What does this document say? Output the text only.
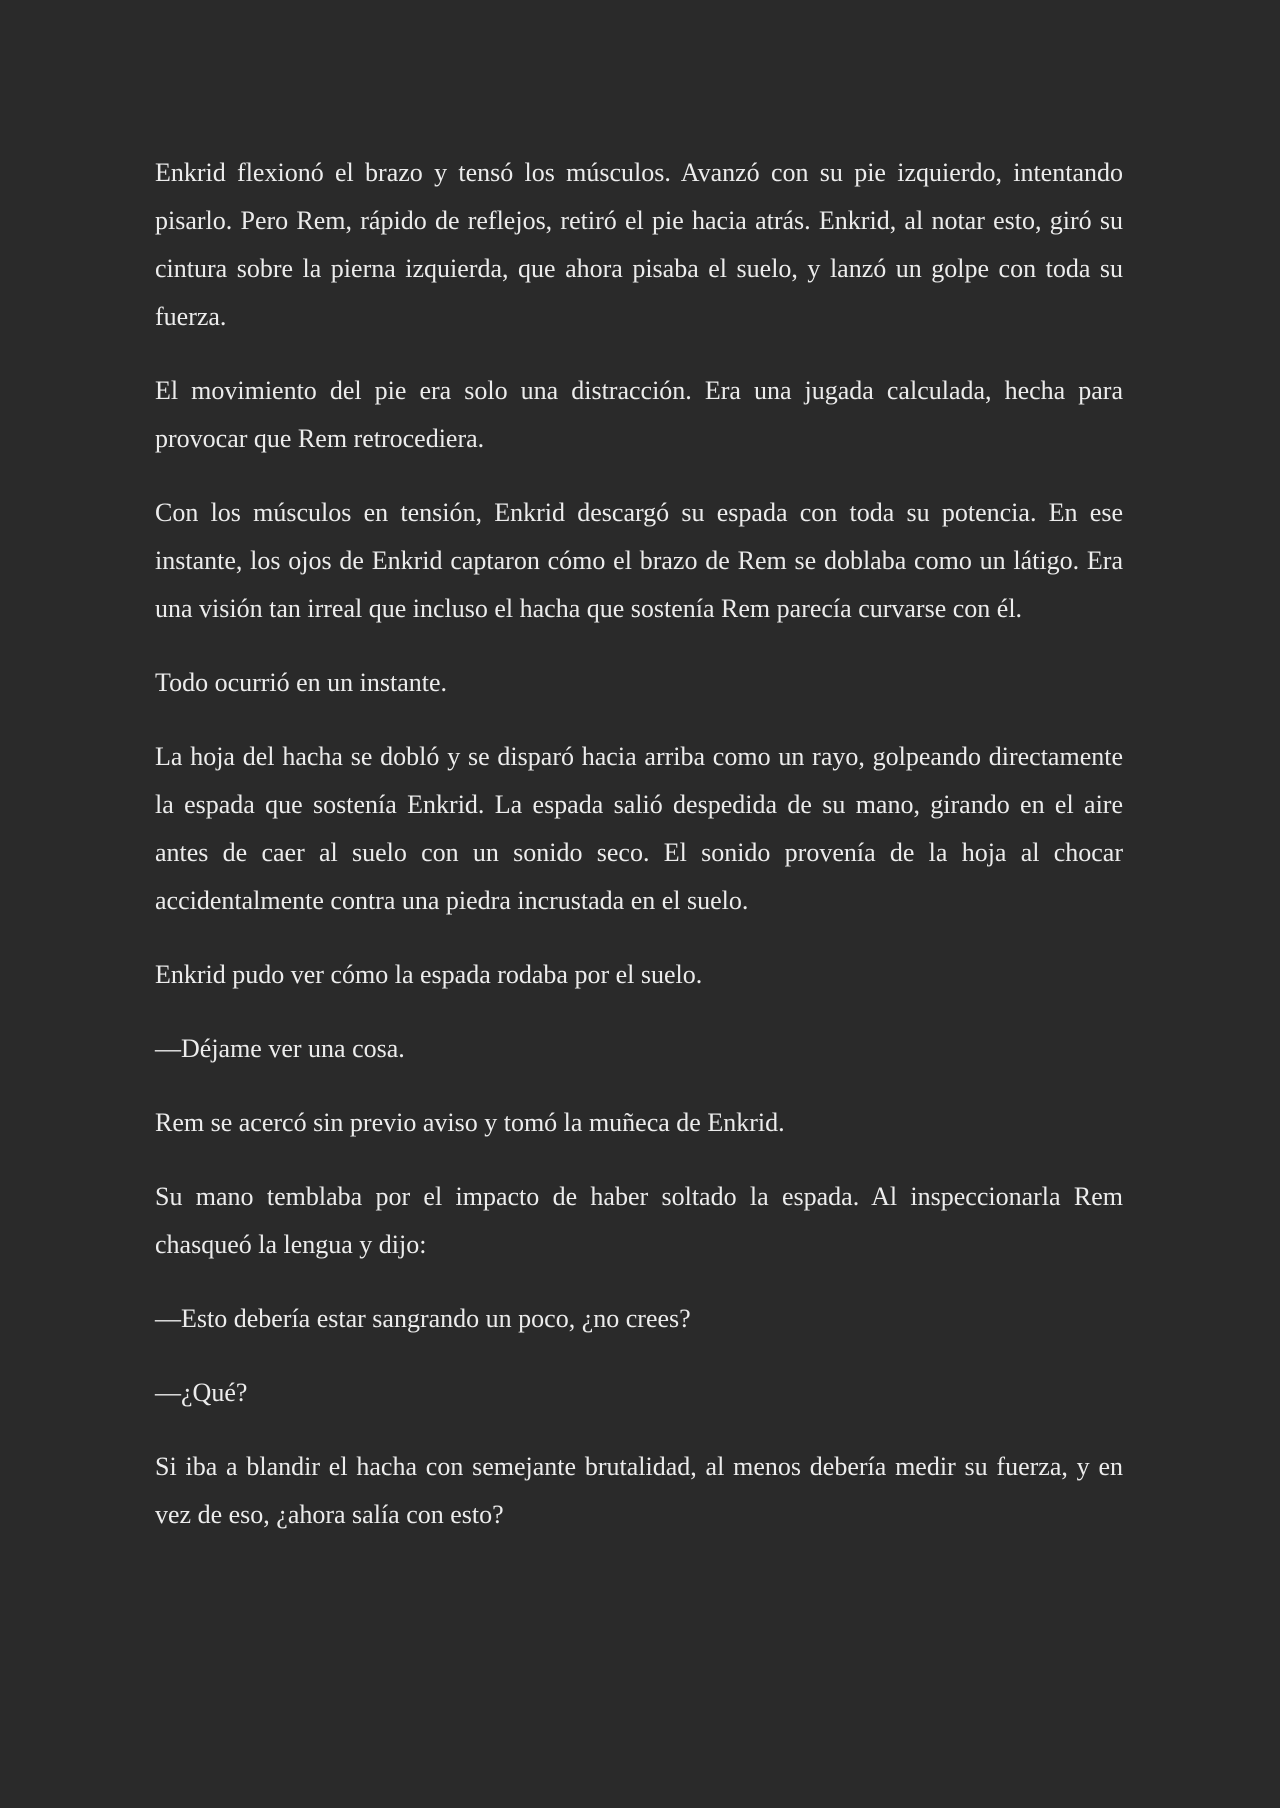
Enkrid flexionó el brazo y tensó los músculos. Avanzó con su pie izquierdo, intentando pisarlo. Pero Rem, rápido de reflejos, retiró el pie hacia atrás. Enkrid, al notar esto, giró su cintura sobre la pierna izquierda, que ahora pisaba el suelo, y lanzó un golpe con toda su fuerza.

El movimiento del pie era solo una distracción. Era una jugada calculada, hecha para provocar que Rem retrocediera.

Con los músculos en tensión, Enkrid descargó su espada con toda su potencia. En ese instante, los ojos de Enkrid captaron cómo el brazo de Rem se doblaba como un látigo. Era una visión tan irreal que incluso el hacha que sostenía Rem parecía curvarse con él.

Todo ocurrió en un instante.

La hoja del hacha se dobló y se disparó hacia arriba como un rayo, golpeando directamente la espada que sostenía Enkrid. La espada salió despedida de su mano, girando en el aire antes de caer al suelo con un sonido seco. El sonido provenía de la hoja al chocar accidentalmente contra una piedra incrustada en el suelo.

Enkrid pudo ver cómo la espada rodaba por el suelo.

—Déjame ver una cosa.

Rem se acercó sin previo aviso y tomó la muñeca de Enkrid.

Su mano temblaba por el impacto de haber soltado la espada. Al inspeccionarla Rem chasqueó la lengua y dijo:

—Esto debería estar sangrando un poco, ¿no crees?

—¿Qué?

Si iba a blandir el hacha con semejante brutalidad, al menos debería medir su fuerza, y en vez de eso, ¿ahora salía con esto?
